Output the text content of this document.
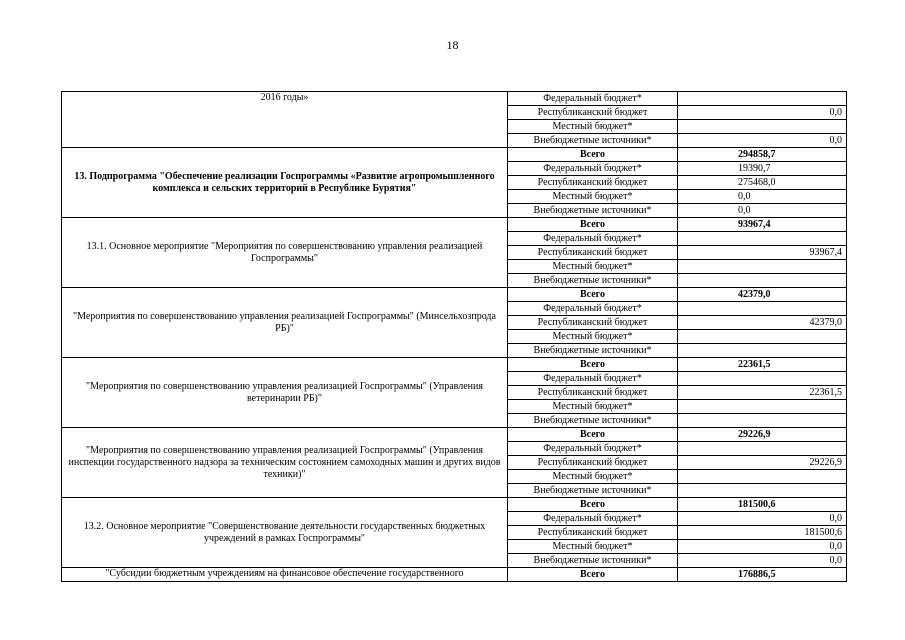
18
2016 годы»	Федеральный бюджет*	

	Республиканский бюджет	0,0

	Местный бюджет*	

	Внебюджетные источники*	0,0

13. Подпрограмма "Обеспечение реализации Госпрограммы «Развитие агропромышленного комплекса и сельских территорий в Республике Бурятия"	Всего	294858,7

	Федеральный бюджет*	19390,7

	Республиканский бюджет	275468,0

	Местный бюджет*	0,0

	Внебюджетные источники*	0,0

13.1. Основное мероприятие "Мероприятия по совершенствованию управления реализацией Госпрограммы"	Всего	93967,4

	Федеральный бюджет*	

	Республиканский бюджет	93967,4

	Местный бюджет*	

	Внебюджетные источники*	

"Мероприятия по совершенствованию управления реализацией Госпрограммы" (Минсельхозпрода РБ)"	Всего	42379,0

	Федеральный бюджет*	

	Республиканский бюджет	42379,0

	Местный бюджет*	

	Внебюджетные источники*	

"Мероприятия по совершенствованию управления реализацией Госпрограммы" (Управления ветеринарии РБ)"	Всего	22361,5

	Федеральный бюджет*	

	Республиканский бюджет	22361,5

	Местный бюджет*	

	Внебюджетные источники*	

"Мероприятия по совершенствованию управления реализацией Госпрограммы" (Управления инспекции государственного надзора за техническим состоянием самоходных машин и других видов техники)"	Всего	29226,9

	Федеральный бюджет*	

	Республиканский бюджет	29226,9

	Местный бюджет*	

	Внебюджетные источники*	

13.2. Основное мероприятие "Совершенствование деятельности государственных бюджетных учреждений в рамках Госпрограммы"	Всего	181500,6

	Федеральный бюджет*	0,0

	Республиканский бюджет	181500,6

	Местный бюджет*	0,0

	Внебюджетные источники*	0,0

"Субсидии бюджетным учреждениям на финансовое обеспечение государственного	Всего	176886,5
